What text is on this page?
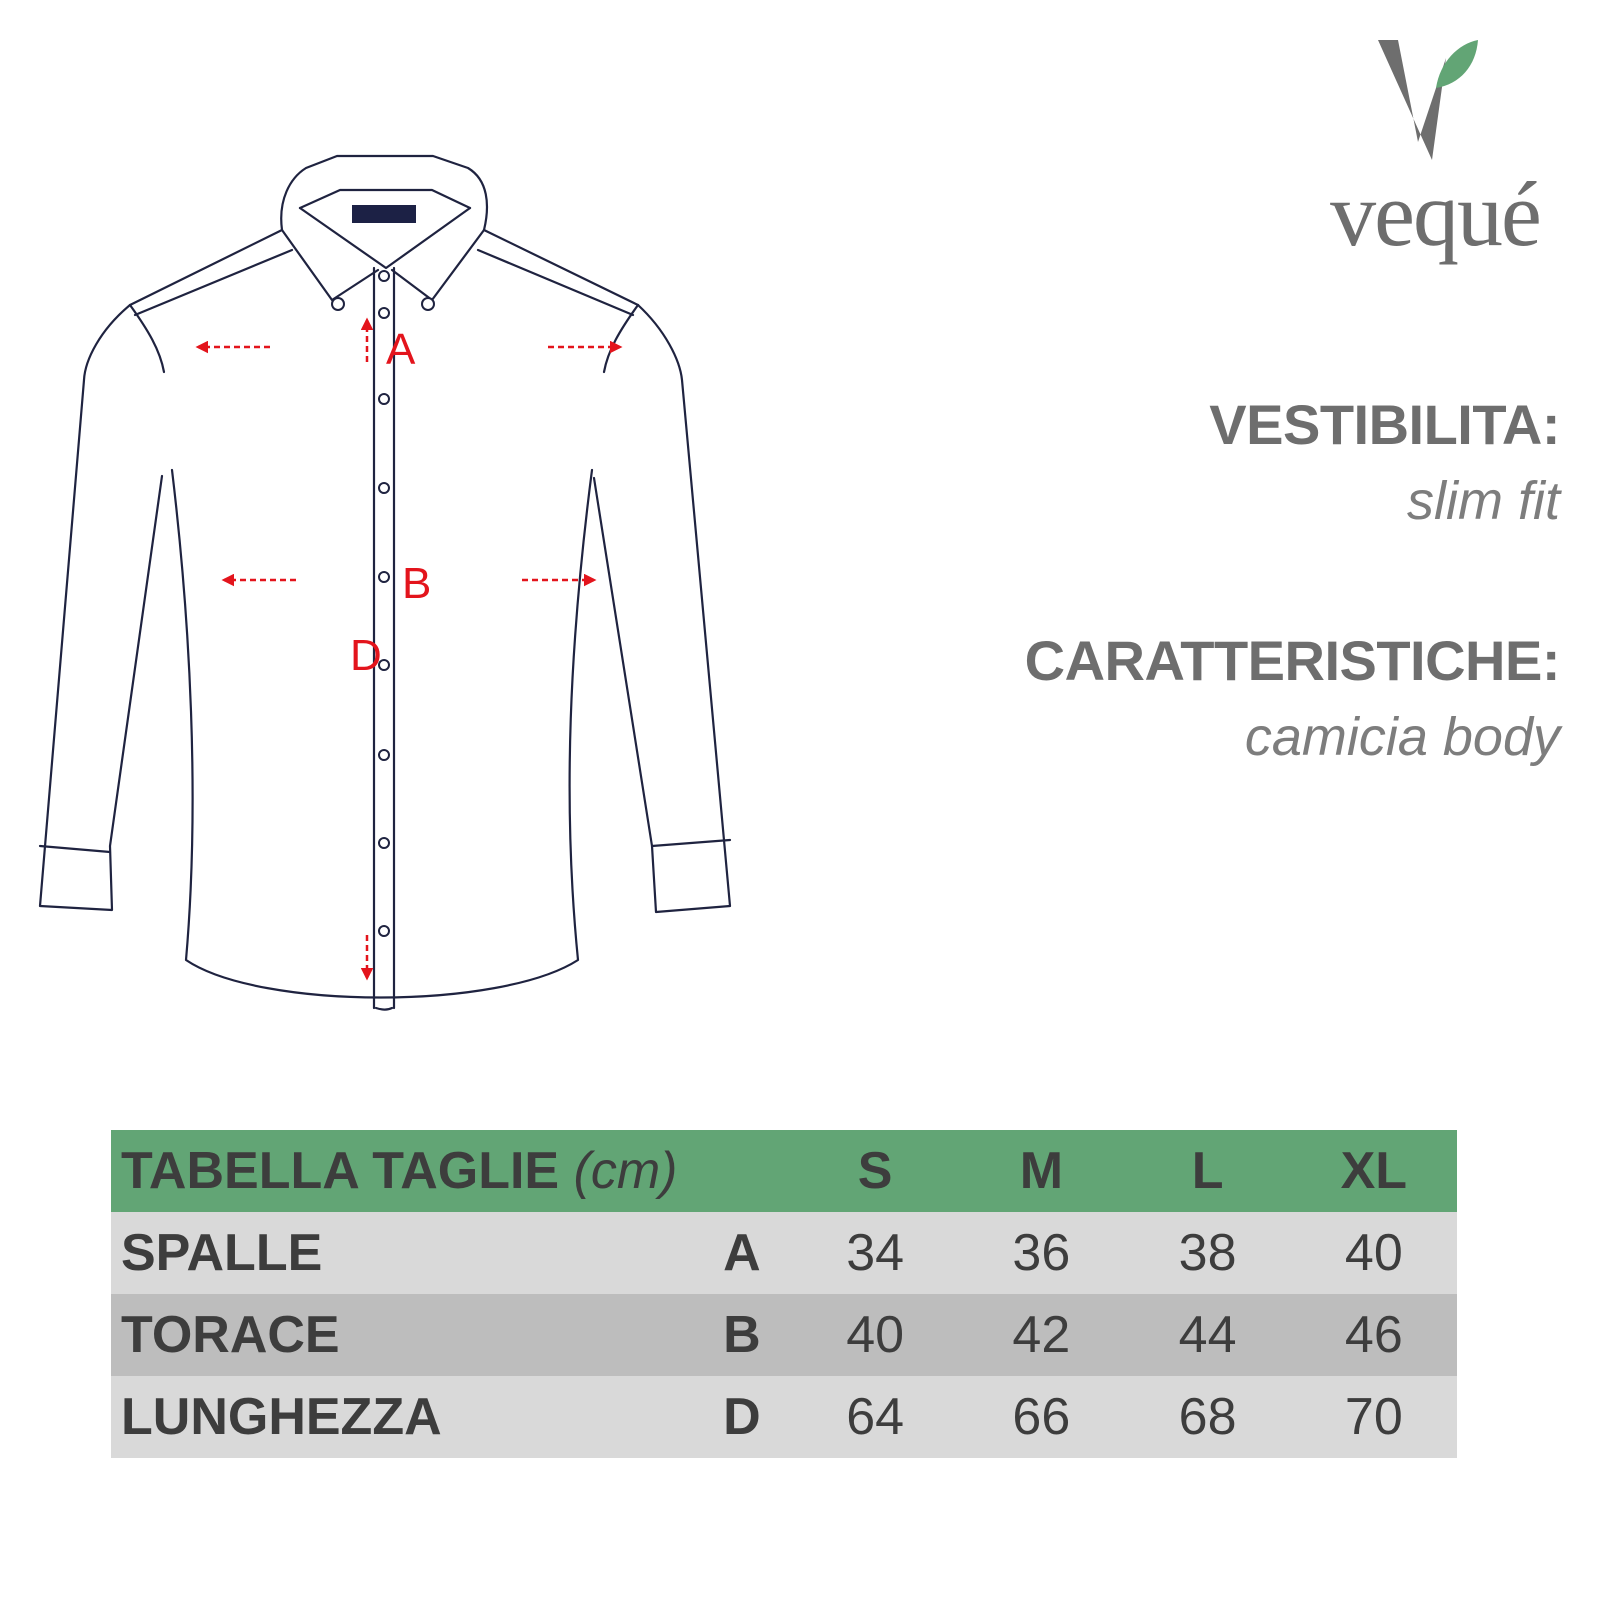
A
B
D
vequé
VESTIBILITA:
slim fit
CARATTERISTICHE:
camicia body
TABELLA TAGLIE (cm)		S	M	L	XL
SPALLE	A	34	36	38	40
TORACE	B	40	42	44	46
LUNGHEZZA	D	64	66	68	70
